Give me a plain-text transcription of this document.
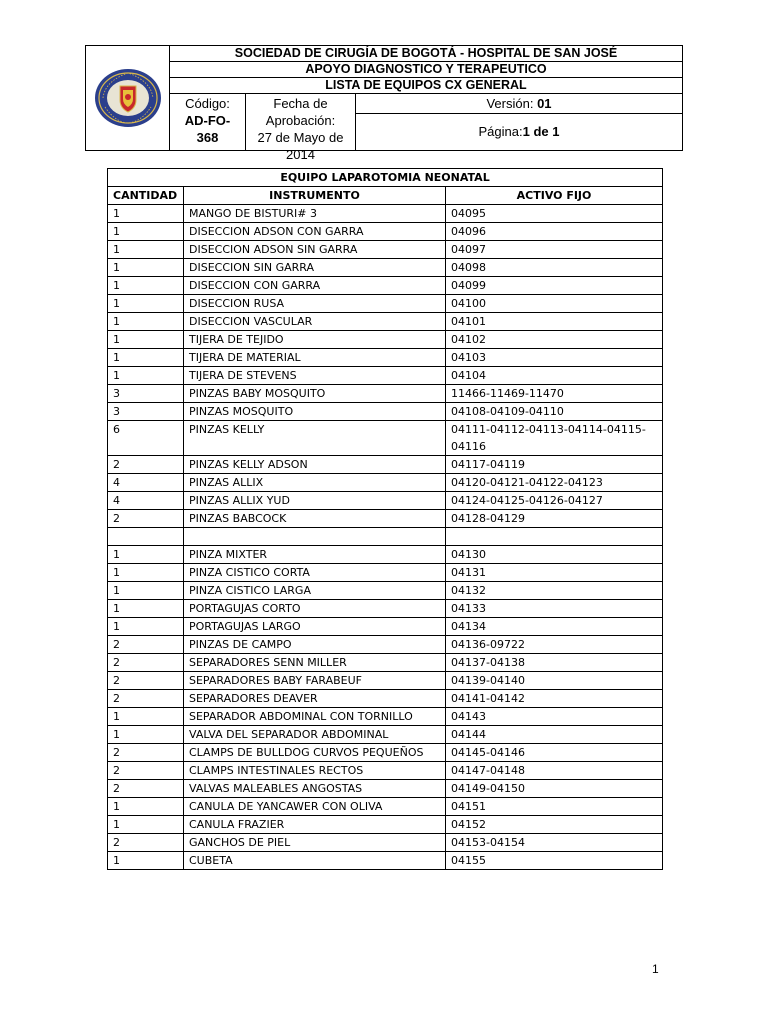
SOCIEDAD DE CIRUGÍA DE BOGOTÁ - HOSPITAL DE SAN JOSÉ
APOYO DIAGNOSTICO Y TERAPEUTICO
LISTA DE EQUIPOS CX GENERAL
Código:
AD-FO-
368
Fecha de
Aprobación:
27 de Mayo de 2014
Versión: 01
Página:1 de 1
EQUIPO LAPAROTOMIA NEONATAL		
CANTIDAD	INSTRUMENTO	ACTIVO FIJO
1	MANGO DE BISTURI# 3	04095
1	DISECCION ADSON CON GARRA	04096
1	DISECCION ADSON SIN GARRA	04097
1	DISECCION SIN GARRA	04098
1	DISECCION CON GARRA	04099
1	DISECCION RUSA	04100
1	DISECCION VASCULAR	04101
1	TIJERA DE TEJIDO	04102
1	TIJERA DE MATERIAL	04103
1	TIJERA DE STEVENS	04104
3	PINZAS BABY MOSQUITO	11466-11469-11470
3	PINZAS MOSQUITO	04108-04109-04110
6	PINZAS KELLY	04111-04112-04113-04114-04115-04116
2	PINZAS KELLY ADSON	04117-04119
4	PINZAS ALLIX	04120-04121-04122-04123
4	PINZAS ALLIX YUD	04124-04125-04126-04127
2	PINZAS BABCOCK	04128-04129

1	PINZA MIXTER	04130
1	PINZA CISTICO CORTA	04131
1	PINZA CISTICO LARGA	04132
1	PORTAGUJAS CORTO	04133
1	PORTAGUJAS LARGO	04134
2	PINZAS DE CAMPO	04136-09722
2	SEPARADORES SENN MILLER	04137-04138
2	SEPARADORES BABY FARABEUF	04139-04140
2	SEPARADORES DEAVER	04141-04142
1	SEPARADOR ABDOMINAL CON TORNILLO	04143
1	VALVA DEL SEPARADOR ABDOMINAL	04144
2	CLAMPS DE BULLDOG CURVOS PEQUEÑOS	04145-04146
2	CLAMPS INTESTINALES RECTOS	04147-04148
2	VALVAS MALEABLES ANGOSTAS	04149-04150
1	CANULA DE YANCAWER CON OLIVA	04151
1	CANULA FRAZIER	04152
2	GANCHOS DE PIEL	04153-04154
1	CUBETA	04155
1
